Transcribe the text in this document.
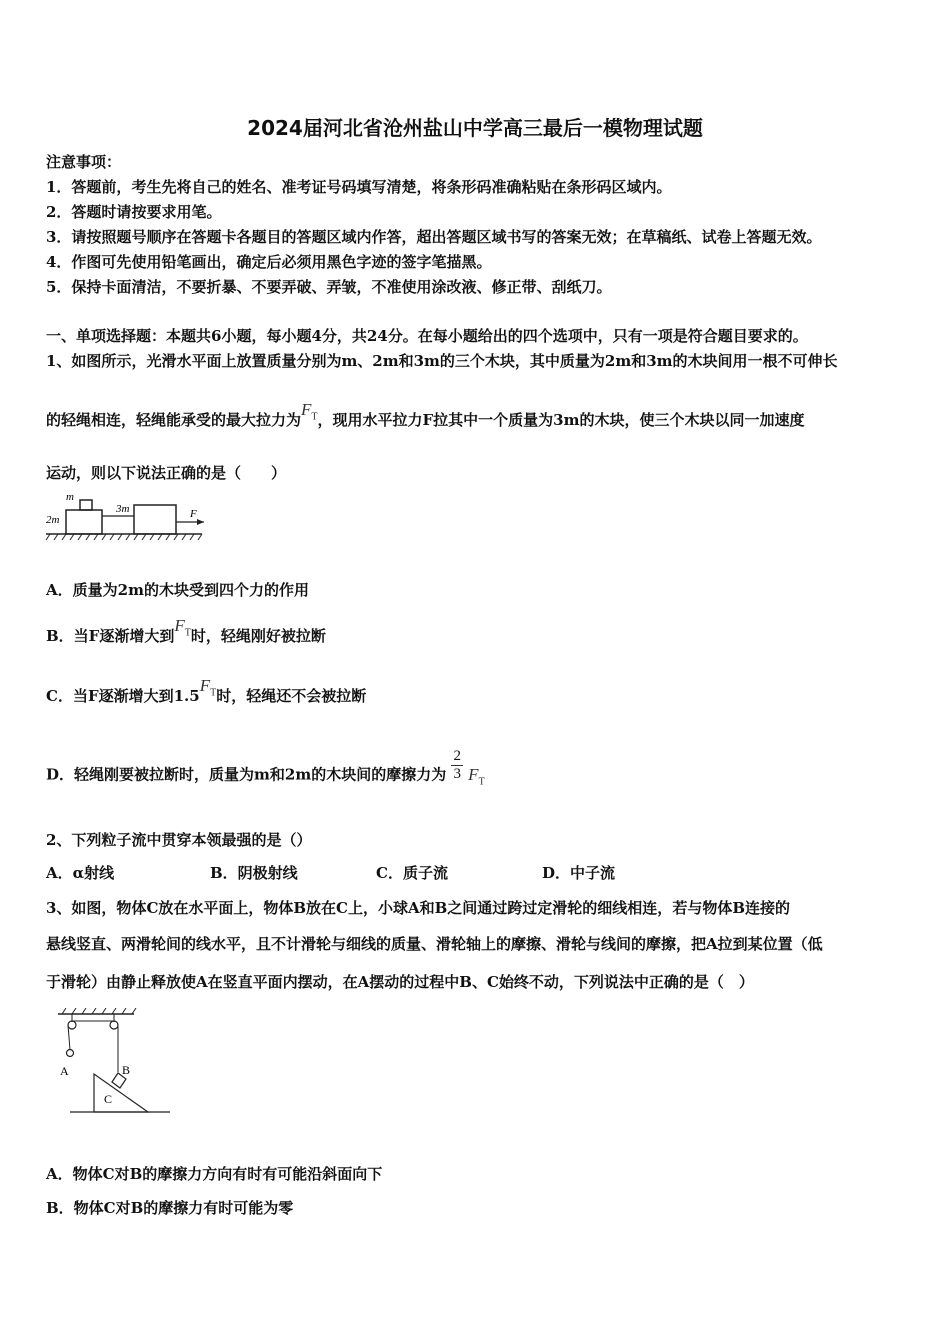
2024届河北省沧州盐山中学高三最后一模物理试题
注意事项：
1．答题前，考生先将自己的姓名、准考证号码填写清楚，将条形码准确粘贴在条形码区域内。
2．答题时请按要求用笔。
3．请按照题号顺序在答题卡各题目的答题区域内作答，超出答题区域书写的答案无效；在草稿纸、试卷上答题无效。
4．作图可先使用铅笔画出，确定后必须用黑色字迹的签字笔描黑。
5．保持卡面清洁，不要折暴、不要弄破、弄皱，不准使用涂改液、修正带、刮纸刀。
一、单项选择题：本题共6小题，每小题4分，共24分。在每小题给出的四个选项中，只有一项是符合题目要求的。
1、如图所示，光滑水平面上放置质量分别为m、2m和3m的三个木块，其中质量为2m和3m的木块间用一根不可伸长
的轻绳相连，轻绳能承受的最大拉力为$F_T$，现用水平拉力F拉其中一个质量为3m的木块，使三个木块以同一加速度
运动，则以下说法正确的是（　　）
m
2m
3m	F
A．质量为2m的木块受到四个力的作用
B．当F逐渐增大到$F_T$时，轻绳刚好被拉断
C．当F逐渐增大到$1.5F_T$时，轻绳还不会被拉断
D．轻绳刚要被拉断时，质量为m和2m的木块间的摩擦力为 $\frac{2}{3} F_T$
2、下列粒子流中贯穿本领最强的是（）
A．α射线	B．阴极射线	C．质子流	D．中子流
3、如图，物体C放在水平面上，物体B放在C上，小球A和B之间通过跨过定滑轮的细线相连，若与物体B连接的
悬线竖直、两滑轮间的线水平，且不计滑轮与细线的质量、滑轮轴上的摩擦、滑轮与线间的摩擦，把A拉到某位置（低
于滑轮）由静止释放使A在竖直平面内摆动，在A摆动的过程中B、C始终不动，下列说法中正确的是（　）
A	B
C
A．物体C对B的摩擦力方向有时有可能沿斜面向下
B．物体C对B的摩擦力有时可能为零
